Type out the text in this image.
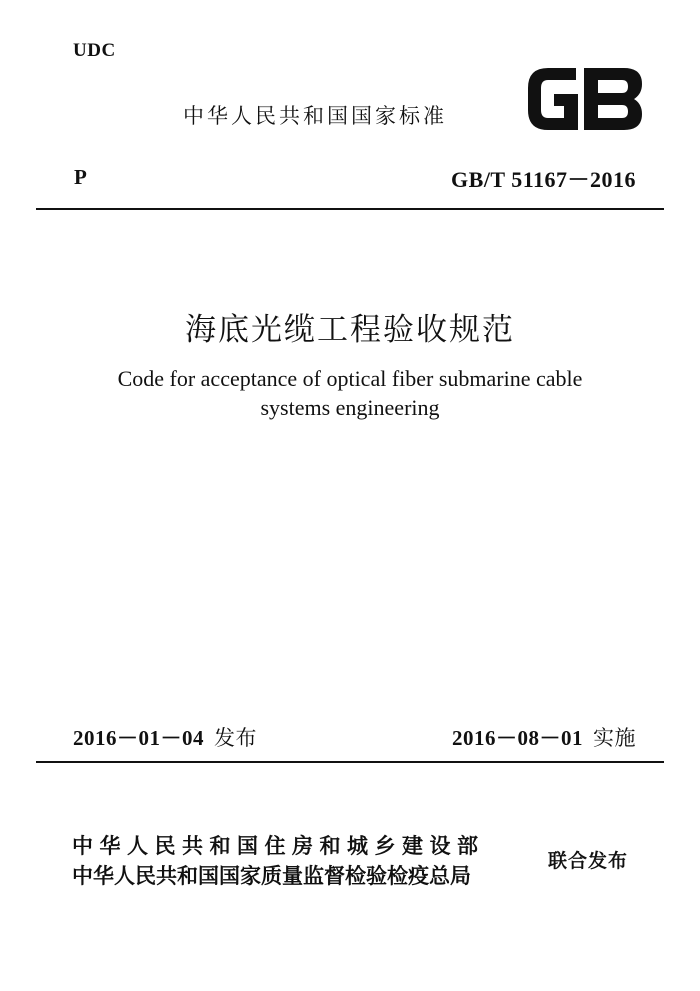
UDC
中华人民共和国国家标准
P	GB/T 51167－2016
海底光缆工程验收规范
Code for acceptance of optical fiber submarine cable
systems engineering
2016－01－04 发布	2016－08－01 实施
中华人民共和国住房和城乡建设部
中华人民共和国国家质量监督检验检疫总局
联合发布
